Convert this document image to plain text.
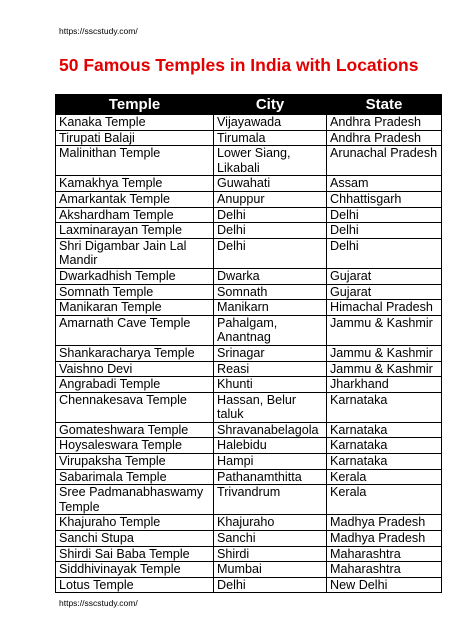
https://sscstudy.com/
50 Famous Temples in India with Locations
Temple	City	State
Kanaka Temple	Vijayawada	Andhra Pradesh
Tirupati Balaji	Tirumala	Andhra Pradesh
Malinithan Temple	Lower Siang, Likabali	Arunachal Pradesh
Kamakhya Temple	Guwahati	Assam
Amarkantak Temple	Anuppur	Chhattisgarh
Akshardham Temple	Delhi	Delhi
Laxminarayan Temple	Delhi	Delhi
Shri Digambar Jain Lal Mandir	Delhi	Delhi
Dwarkadhish Temple	Dwarka	Gujarat
Somnath Temple	Somnath	Gujarat
Manikaran Temple	Manikarn	Himachal Pradesh
Amarnath Cave Temple	Pahalgam, Anantnag	Jammu & Kashmir
Shankaracharya Temple	Srinagar	Jammu & Kashmir
Vaishno Devi	Reasi	Jammu & Kashmir
Angrabadi Temple	Khunti	Jharkhand
Chennakesava Temple	Hassan, Belur taluk	Karnataka
Gomateshwara Temple	Shravanabelagola	Karnataka
Hoysaleswara Temple	Halebidu	Karnataka
Virupaksha Temple	Hampi	Karnataka
Sabarimala Temple	Pathanamthitta	Kerala
Sree Padmanabhaswamy Temple	Trivandrum	Kerala
Khajuraho Temple	Khajuraho	Madhya Pradesh
Sanchi Stupa	Sanchi	Madhya Pradesh
Shirdi Sai Baba Temple	Shirdi	Maharashtra
Siddhivinayak Temple	Mumbai	Maharashtra
Lotus Temple	Delhi	New Delhi
https://sscstudy.com/
